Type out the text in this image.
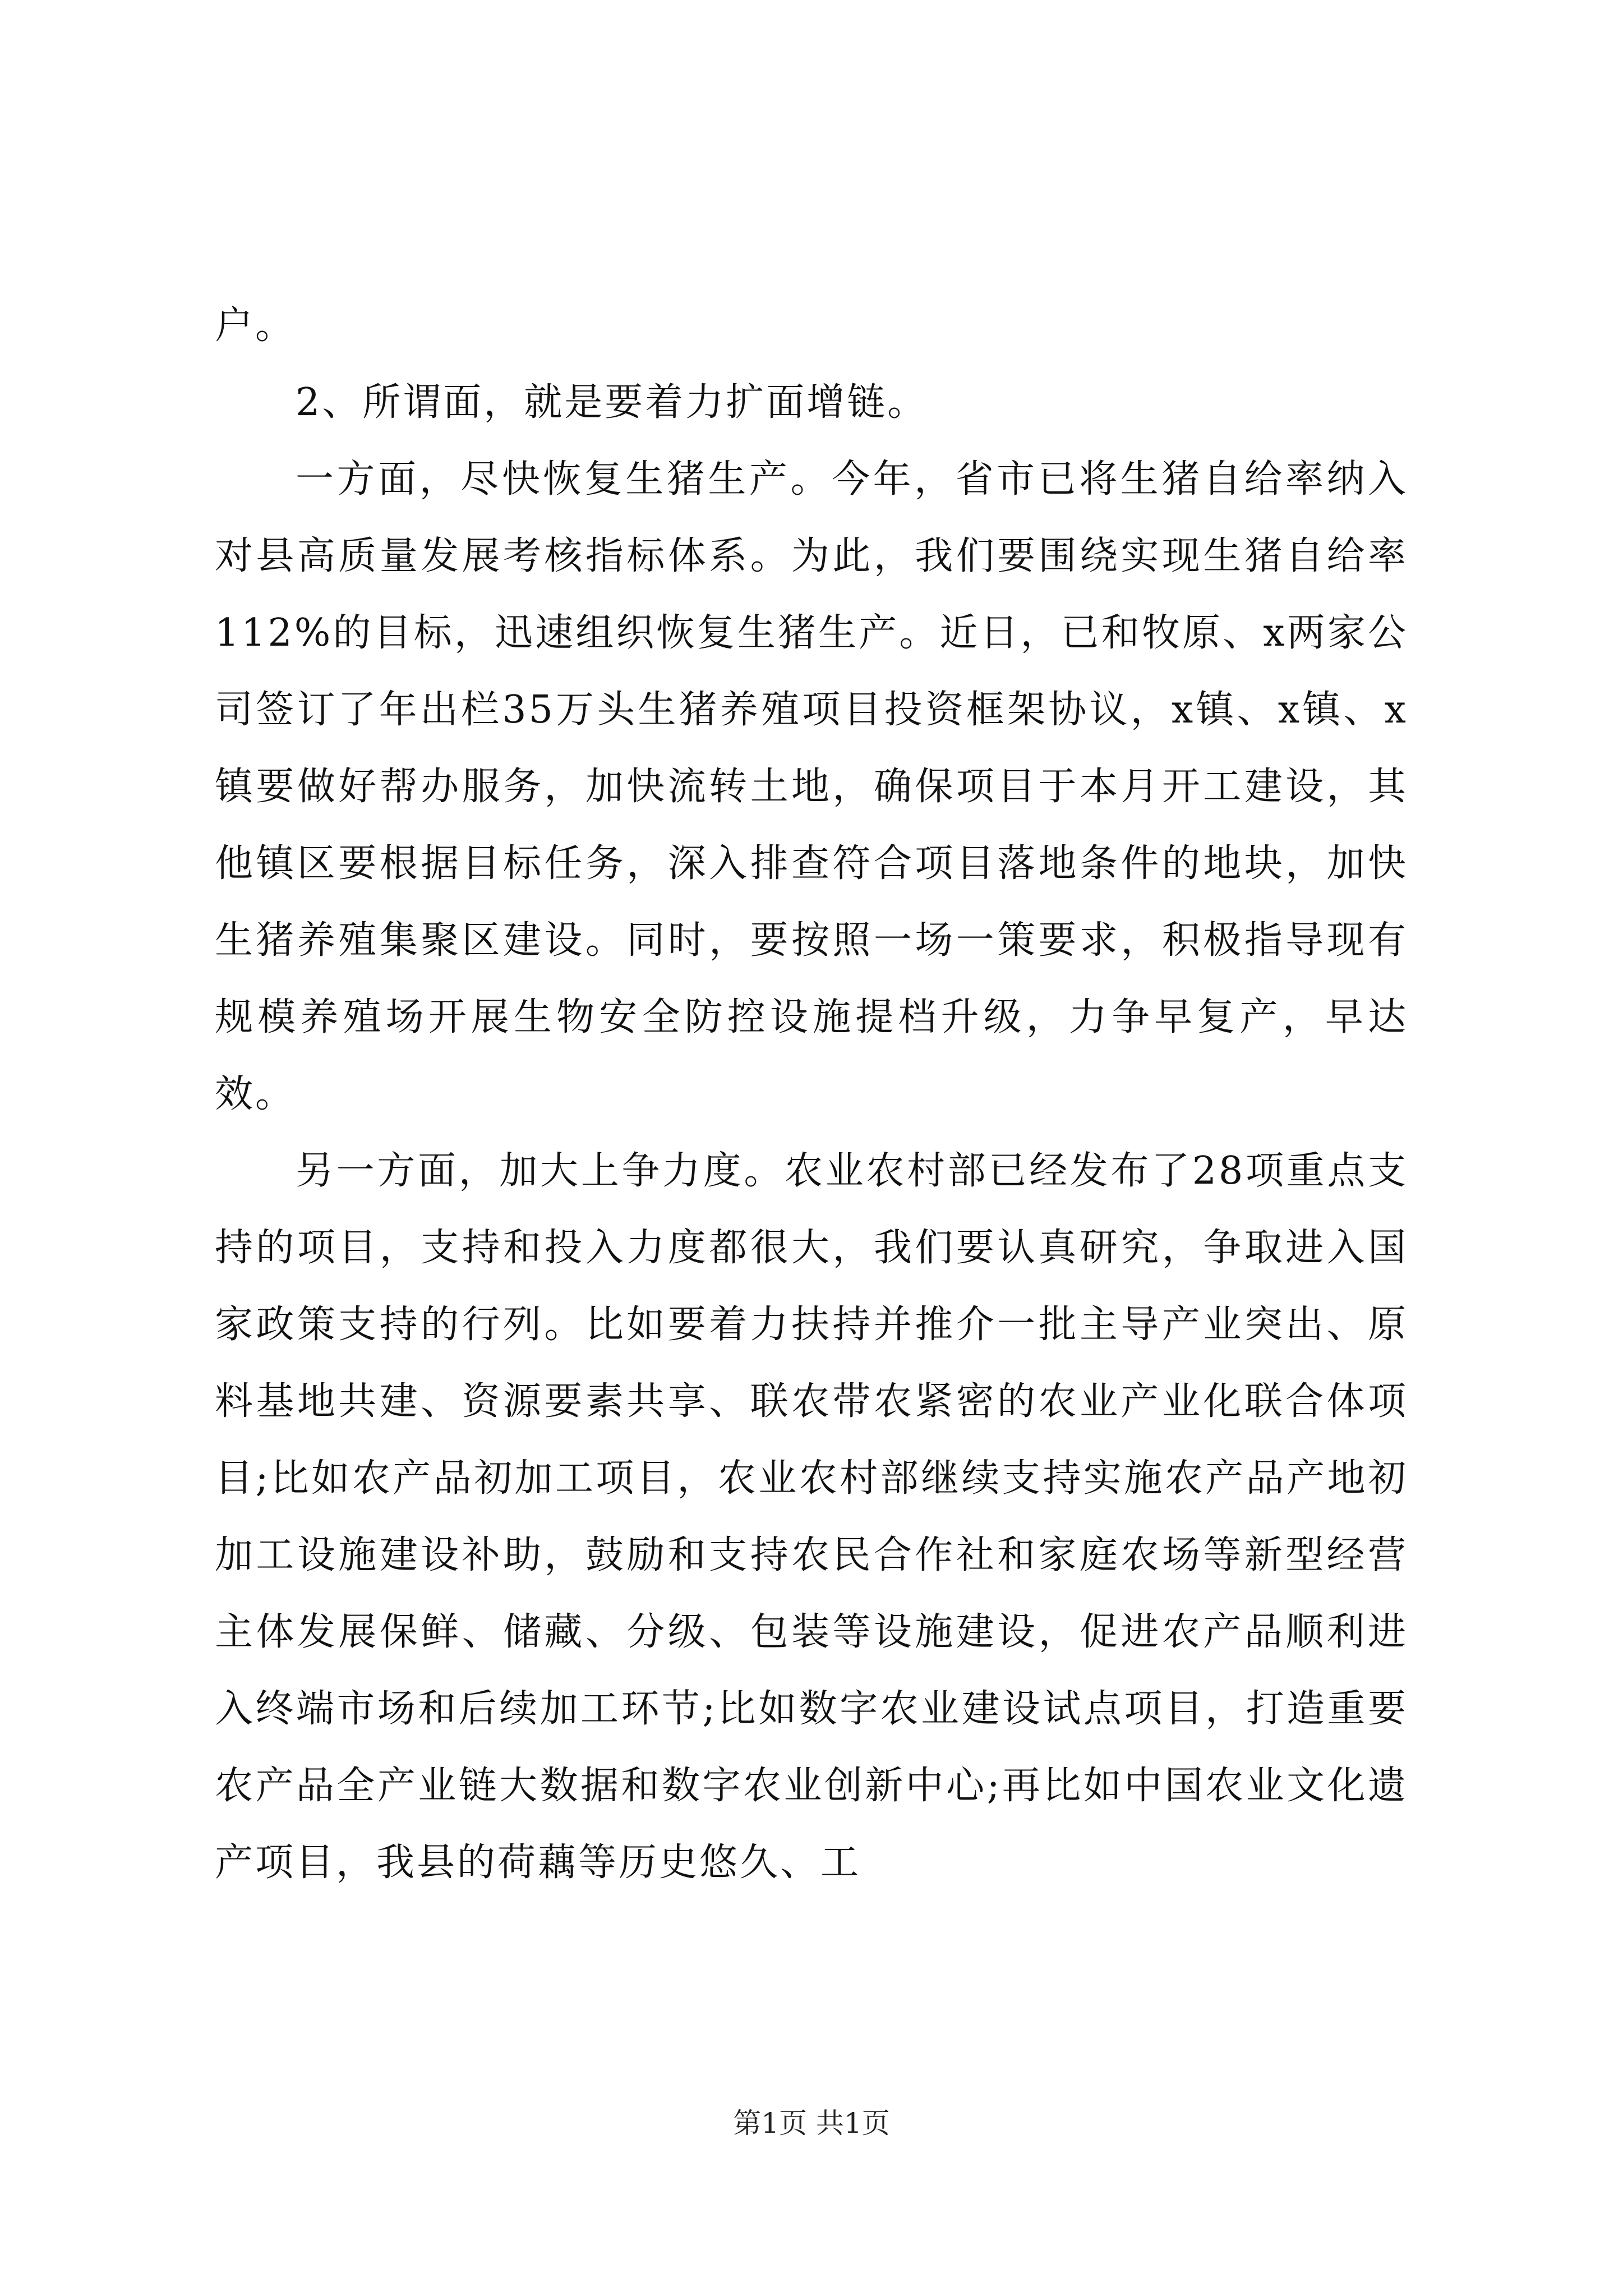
户。

2、所谓面，就是要着力扩面增链。

一方面，尽快恢复生猪生产。今年，省市已将生猪自给率纳入对县高质量发展考核指标体系。为此，我们要围绕实现生猪自给率112%的目标，迅速组织恢复生猪生产。近日，已和牧原、x两家公司签订了年出栏35万头生猪养殖项目投资框架协议，x镇、x镇、x镇要做好帮办服务，加快流转土地，确保项目于本月开工建设，其他镇区要根据目标任务，深入排查符合项目落地条件的地块，加快生猪养殖集聚区建设。同时，要按照一场一策要求，积极指导现有规模养殖场开展生物安全防控设施提档升级，力争早复产，早达效。

另一方面，加大上争力度。农业农村部已经发布了28项重点支持的项目，支持和投入力度都很大，我们要认真研究，争取进入国家政策支持的行列。比如要着力扶持并推介一批主导产业突出、原料基地共建、资源要素共享、联农带农紧密的农业产业化联合体项目;比如农产品初加工项目，农业农村部继续支持实施农产品产地初加工设施建设补助，鼓励和支持农民合作社和家庭农场等新型经营主体发展保鲜、储藏、分级、包装等设施建设，促进农产品顺利进入终端市场和后续加工环节;比如数字农业建设试点项目，打造重要农产品全产业链大数据和数字农业创新中心;再比如中国农业文化遗产项目，我县的荷藕等历史悠久、工

第1页 共1页
